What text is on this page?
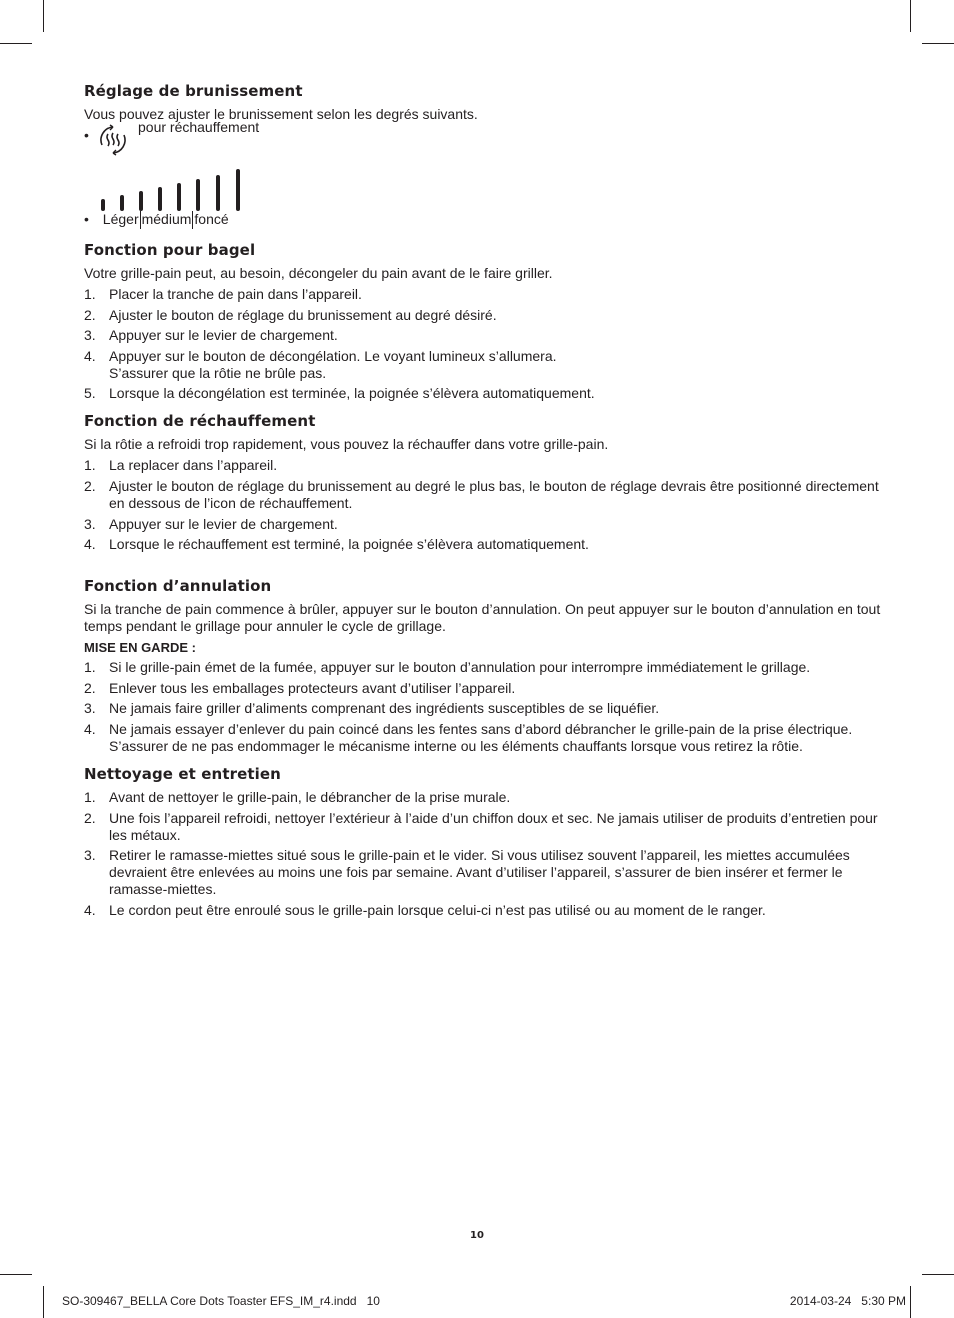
Réglage de brunissement

Vous pouvez ajuster le brunissement selon les degrés suivants.

•	pour réchauffement
• Léger médium foncé
Fonction pour bagel

Votre grille-pain peut, au besoin, décongeler du pain avant de le faire griller.

1. Placer la tranche de pain dans l’appareil.
2. Ajuster le bouton de réglage du brunissement au degré désiré.
3. Appuyer sur le levier de chargement.
4. Appuyer sur le bouton de décongélation. Le voyant lumineux s’allumera.
S’assurer que la rôtie ne brûle pas.
5. Lorsque la décongélation est terminée, la poignée s’élèvera automatiquement.
Fonction de réchauffement

Si la rôtie a refroidi trop rapidement, vous pouvez la réchauffer dans votre grille-pain.

1. La replacer dans l’appareil.
2. Ajuster le bouton de réglage du brunissement au degré le plus bas, le bouton de réglage devrais être positionné directement en dessous de l’icon de réchauffement.
3. Appuyer sur le levier de chargement.
4. Lorsque le réchauffement est terminé, la poignée s’élèvera automatiquement.
Fonction d’annulation

Si la tranche de pain commence à brûler, appuyer sur le bouton d’annulation. On peut appuyer sur le bouton d’annulation en tout temps pendant le grillage pour annuler le cycle de grillage.

MISE EN GARDE :
1. Si le grille-pain émet de la fumée, appuyer sur le bouton d’annulation pour interrompre immédiatement le grillage.
2. Enlever tous les emballages protecteurs avant d’utiliser l’appareil.
3. Ne jamais faire griller d’aliments comprenant des ingrédients susceptibles de se liquéfier.
4. Ne jamais essayer d’enlever du pain coincé dans les fentes sans d’abord débrancher le grille-pain de la prise électrique. S’assurer de ne pas endommager le mécanisme interne ou les éléments chauffants lorsque vous retirez la rôtie.
Nettoyage et entretien
1. Avant de nettoyer le grille-pain, le débrancher de la prise murale.
2. Une fois l’appareil refroidi, nettoyer l’extérieur à l’aide d’un chiffon doux et sec. Ne jamais utiliser de produits d’entretien pour les métaux.
3. Retirer le ramasse-miettes situé sous le grille-pain et le vider. Si vous utilisez souvent l’appareil, les miettes accumulées devraient être enlevées au moins une fois par semaine. Avant d’utiliser l’appareil, s’assurer de bien insérer et fermer le ramasse-miettes.
4. Le cordon peut être enroulé sous le grille-pain lorsque celui-ci n’est pas utilisé ou au moment de le ranger.
10
SO-309467_BELLA Core Dots Toaster EFS_IM_r4.indd   10	2014-03-24   5:30 PM
